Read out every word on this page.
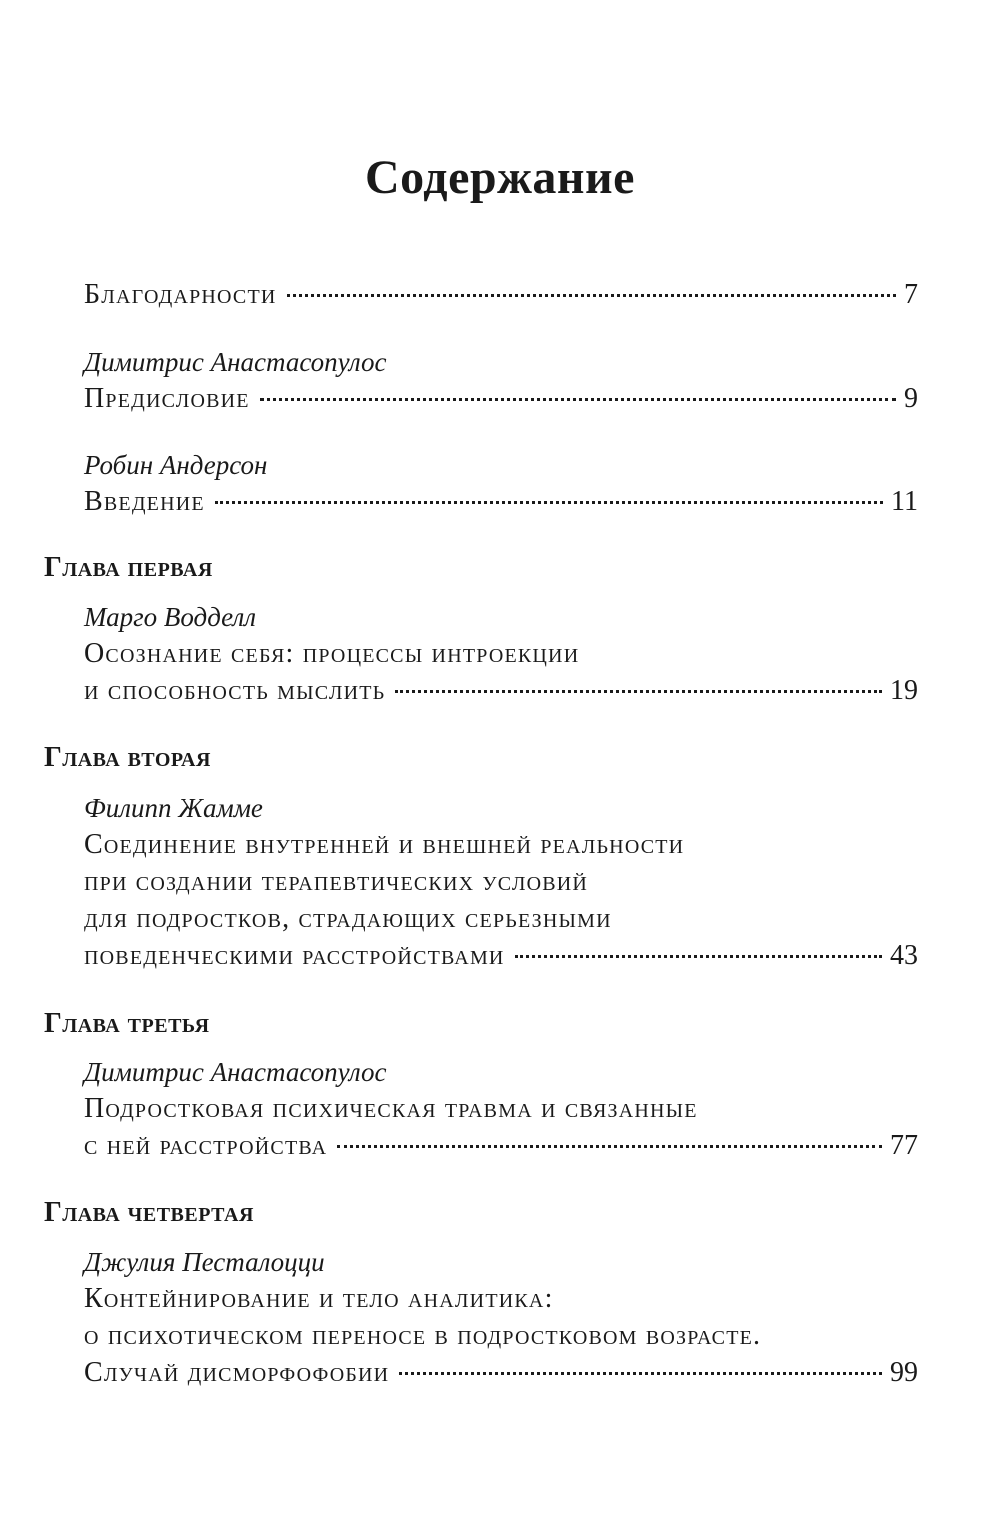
Содержание
Благодарности	7
Димитрис Анастасопулос
Предисловие	9
Робин Андерсон
Введение	11
Глава первая
Марго Водделл
Осознание себя: процессы интроекции
и способность мыслить	19
Глава вторая
Филипп Жамме
Соединение внутренней и внешней реальности
при создании терапевтических условий
для подростков, страдающих серьезными
поведенческими расстройствами	43
Глава третья
Димитрис Анастасопулос
Подростковая психическая травма и связанные
с ней расстройства	77
Глава четвертая
Джулия Песталоцци
Контейнирование и тело аналитика:
о психотическом переносе в подростковом возрасте.
Случай дисморфофобии	99
